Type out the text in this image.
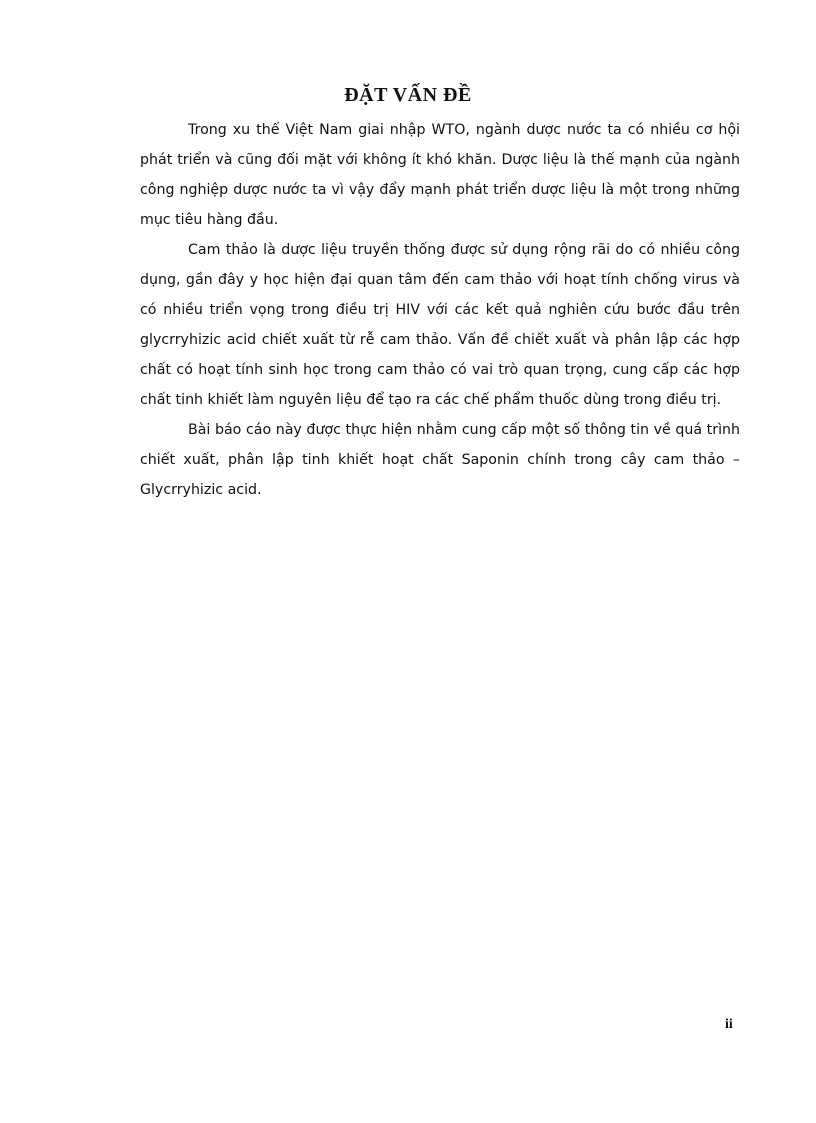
ĐẶT VẤN ĐỀ

Trong xu thế Việt Nam giai nhập WTO, ngành dược nước ta có nhiều cơ hội phát triển và cũng đối mặt với không ít khó khăn. Dược liệu là thế mạnh của ngành công nghiệp dược nước ta vì vậy đẩy mạnh phát triển dược liệu là một trong những mục tiêu hàng đầu.

Cam thảo là dược liệu truyền thống được sử dụng rộng rãi do có nhiều công dụng, gần đây y học hiện đại quan tâm đến cam thảo với hoạt tính chống virus và có nhiều triển vọng trong điều trị HIV với các kết quả nghiên cứu bước đầu trên glycrryhizic acid chiết xuất từ rễ cam thảo. Vấn đề chiết xuất và phân lập các hợp chất có hoạt tính sinh học trong cam thảo có vai trò quan trọng, cung cấp các hợp chất tinh khiết làm nguyên liệu để tạo ra các chế phẩm thuốc dùng trong điều trị.

Bài báo cáo này được thực hiện nhằm cung cấp một số thông tin về quá trình chiết xuất, phân lập tinh khiết hoạt chất Saponin chính trong cây cam thảo – Glycrryhizic acid.

ii
